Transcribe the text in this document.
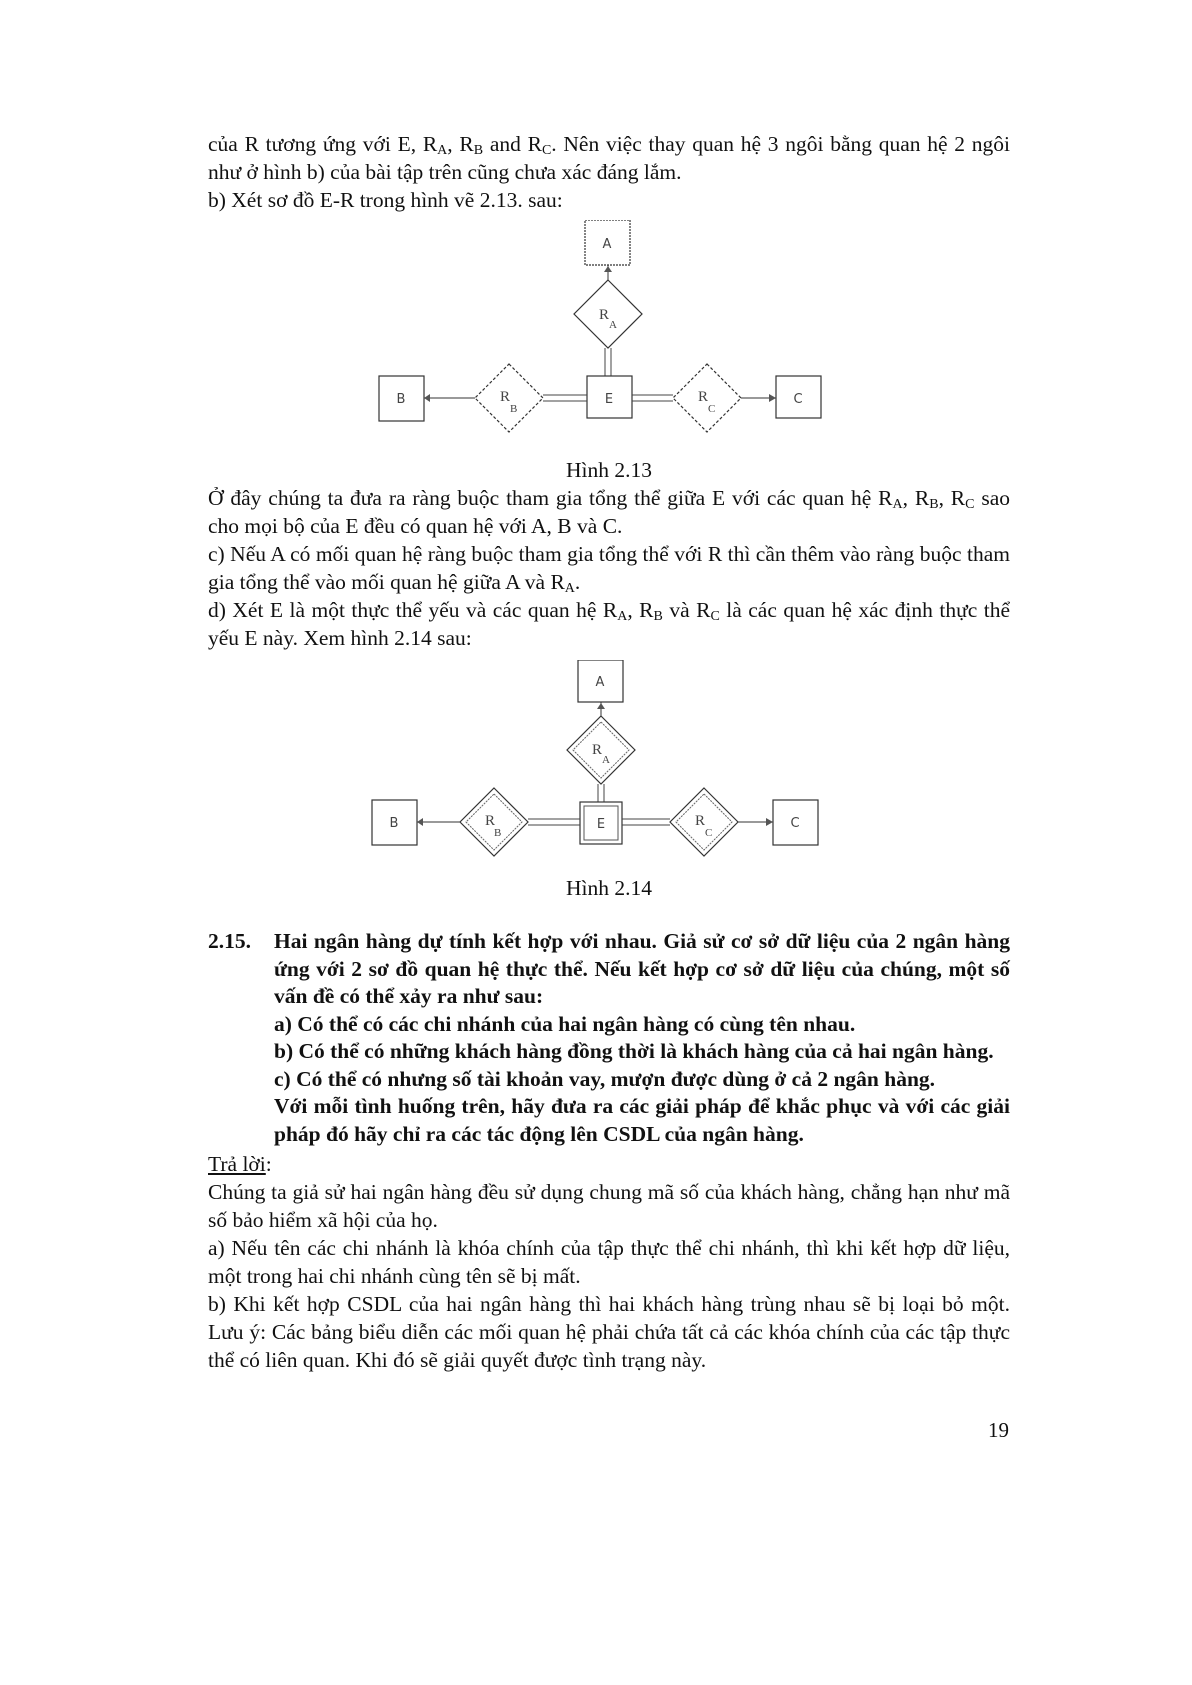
của R tương ứng với E, $R_A$, $R_B$ and $R_C$. Nên việc thay quan hệ 3 ngôi bằng quan hệ 2 ngôi như ở hình b) của bài tập trên cũng chưa xác đáng lắm.

b) Xét sơ đồ E-R trong hình vẽ 2.13. sau:

A
R
A
E
R
B
B	R
C
C

Hình 2.13

Ở đây chúng ta đưa ra ràng buộc tham gia tổng thể giữa E với các quan hệ $R_A$, $R_B$, $R_C$ sao cho mọi bộ của E đều có quan hệ với A, B và C.

c) Nếu A có mối quan hệ ràng buộc tham gia tổng thể với R thì cần thêm vào ràng buộc tham gia tổng thể vào mối quan hệ giữa A và $R_A$.

d) Xét E là một thực thể yếu và các quan hệ $R_A$, $R_B$ và $R_C$ là các quan hệ xác định thực thể yếu E này. Xem hình 2.14 sau:

A
R
A
E
R
B
B	R
C
C

Hình 2.14

2.15.	Hai ngân hàng dự tính kết hợp với nhau. Giả sử cơ sở dữ liệu của 2 ngân hàng ứng với 2 sơ đồ quan hệ thực thể. Nếu kết hợp cơ sở dữ liệu của chúng, một số vấn đề có thể xảy ra như sau:

a) Có thể có các chi nhánh của hai ngân hàng có cùng tên nhau.

b) Có thể có những khách hàng đồng thời là khách hàng của cả hai ngân hàng.

c) Có thể có nhưng số tài khoản vay, mượn được dùng ở cả 2 ngân hàng.

Với mỗi tình huống trên, hãy đưa ra các giải pháp để khắc phục và với các giải pháp đó hãy chỉ ra các tác động lên CSDL của ngân hàng.

Trả lời:

Chúng ta giả sử hai ngân hàng đều sử dụng chung mã số của khách hàng, chẳng hạn như mã số bảo hiểm xã hội của họ.

a) Nếu tên các chi nhánh là khóa chính của tập thực thể chi nhánh, thì khi kết hợp dữ liệu, một trong hai chi nhánh cùng tên sẽ bị mất.

b) Khi kết hợp CSDL của hai ngân hàng thì hai khách hàng trùng nhau sẽ bị loại bỏ một. Lưu ý: Các bảng biểu diễn các mối quan hệ phải chứa tất cả các khóa chính của các tập thực thể có liên quan. Khi đó sẽ giải quyết được tình trạng này.

19
